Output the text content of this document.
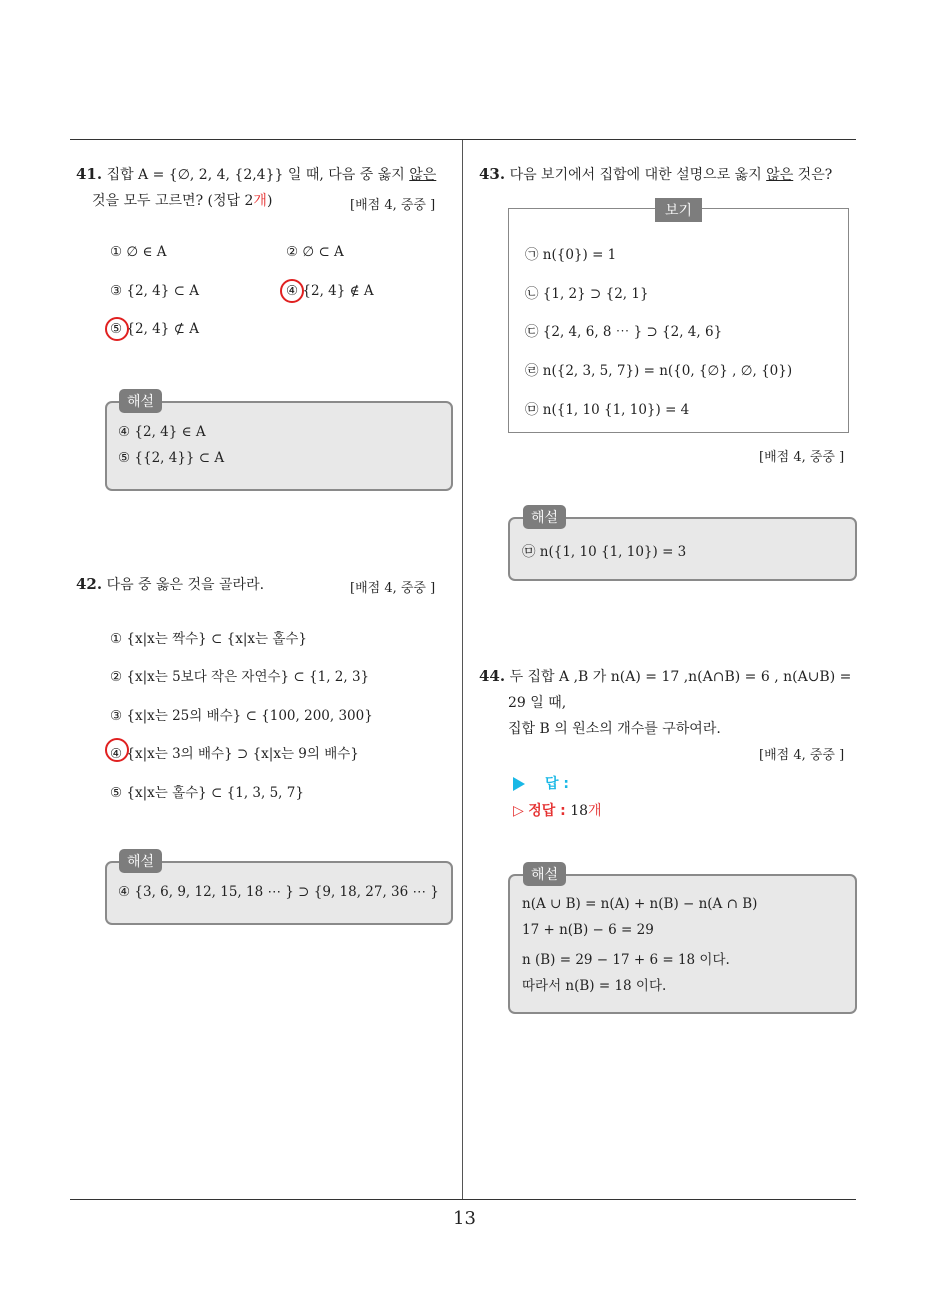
13
41. 집합 A = {∅, 2, 4, {2,4}} 일 때, 다음 중 옳지 않은
것을 모두 고르면? (정답 2개)	[배점 4, 중중 ]
① ∅ ∈ A	② ∅ ⊂ A
③ {2, 4} ⊂ A	④ {2, 4} ∉ A
⑤ {2, 4} ⊄ A
해설
④ {2, 4} ∈ A
⑤ {{2, 4}} ⊂ A
42. 다음 중 옳은 것을 골라라.	[배점 4, 중중 ]
① {x|x는 짝수} ⊂ {x|x는 홀수}
② {x|x는 5보다 작은 자연수} ⊂ {1, 2, 3}
③ {x|x는 25의 배수} ⊂ {100, 200, 300}
④ {x|x는 3의 배수} ⊃ {x|x는 9의 배수}
⑤ {x|x는 홀수} ⊂ {1, 3, 5, 7}
해설
④ {3, 6, 9, 12, 15, 18 ⋯ } ⊃ {9, 18, 27, 36 ⋯ }
43. 다음 보기에서 집합에 대한 설명으로 옳지 않은 것은?
보기
㉠ n({0}) = 1
㉡ {1, 2} ⊃ {2, 1}
㉢ {2, 4, 6, 8 ⋯ } ⊃ {2, 4, 6}
㉣ n({2, 3, 5, 7}) = n({0, {∅} , ∅, {0})
㉤ n({1, 10 {1, 10}) = 4
[배점 4, 중중 ]
해설
㉤ n({1, 10 {1, 10}) = 3
44. 두 집합 A ,B 가 n(A) = 17 ,n(A∩B) = 6 , n(A∪B) =
29 일 때,
집합 B 의 원소의 개수를 구하여라.
[배점 4, 중중 ]
답 :
▷ 정답 : 18개
해설
n(A ∪ B) = n(A) + n(B) − n(A ∩ B)
17 + n(B) − 6 = 29
n (B) = 29 − 17 + 6 = 18 이다.
따라서 n(B) = 18 이다.
